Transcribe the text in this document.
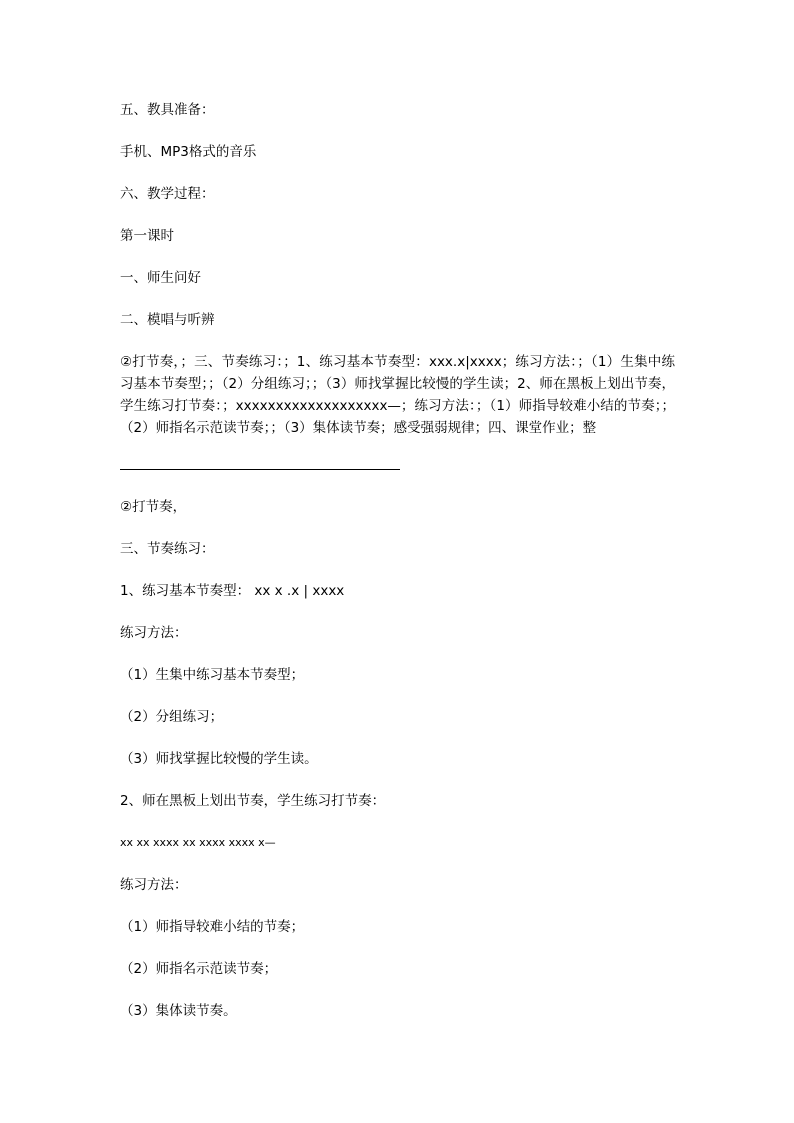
五、教具准备：

手机、MP3格式的音乐

六、教学过程：

第一课时

一、师生问好

二、模唱与听辨

②打节奏，；三、节奏练习：；1、练习基本节奏型：xxx.x|xxxx；练习方法：；（1）生集中练习基本节奏型；；（2）分组练习；；（3）师找掌握比较慢的学生读；2、师在黑板上划出节奏，学生练习打节奏：；xxxxxxxxxxxxxxxxxxx—；练习方法：；（1）师指导较难小结的节奏；；（2）师指名示范读节奏；；（3）集体读节奏；感受强弱规律；四、课堂作业；整

②打节奏，

三、节奏练习：

1、练习基本节奏型： xx x .x | xxxx

练习方法：

（1）生集中练习基本节奏型；

（2）分组练习；

（3）师找掌握比较慢的学生读。

2、师在黑板上划出节奏，学生练习打节奏：

xx xx xxxx xx xxxx xxxx x—

练习方法：

（1）师指导较难小结的节奏；

（2）师指名示范读节奏；

（3）集体读节奏。
